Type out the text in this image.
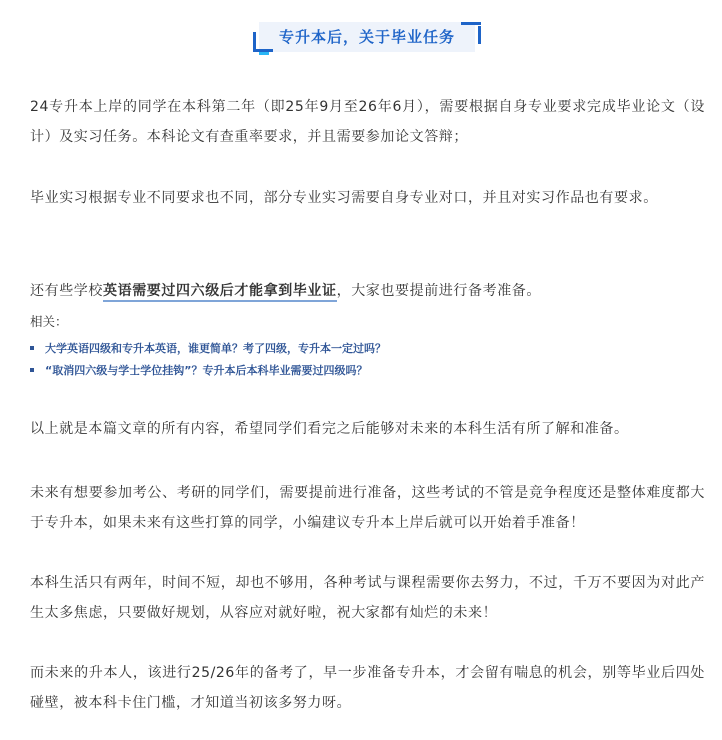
专升本后，关于毕业任务

24专升本上岸的同学在本科第二年（即25年9月至26年6月），需要根据自身专业要求完成毕业论文（设计）及实习任务。本科论文有查重率要求，并且需要参加论文答辩；

毕业实习根据专业不同要求也不同，部分专业实习需要自身专业对口，并且对实习作品也有要求。

还有些学校英语需要过四六级后才能拿到毕业证，大家也要提前进行备考准备。

相关：
大学英语四级和专升本英语，谁更简单？考了四级，专升本一定过吗？
“取消四六级与学士学位挂钩”？专升本后本科毕业需要过四级吗？

以上就是本篇文章的所有内容，希望同学们看完之后能够对未来的本科生活有所了解和准备。

未来有想要参加考公、考研的同学们，需要提前进行准备，这些考试的不管是竞争程度还是整体难度都大于专升本，如果未来有这些打算的同学，小编建议专升本上岸后就可以开始着手准备！

本科生活只有两年，时间不短，却也不够用，各种考试与课程需要你去努力，不过，千万不要因为对此产生太多焦虑，只要做好规划，从容应对就好啦，祝大家都有灿烂的未来！

而未来的升本人，该进行25/26年的备考了，早一步准备专升本，才会留有喘息的机会，别等毕业后四处碰壁，被本科卡住门槛，才知道当初该多努力呀。
